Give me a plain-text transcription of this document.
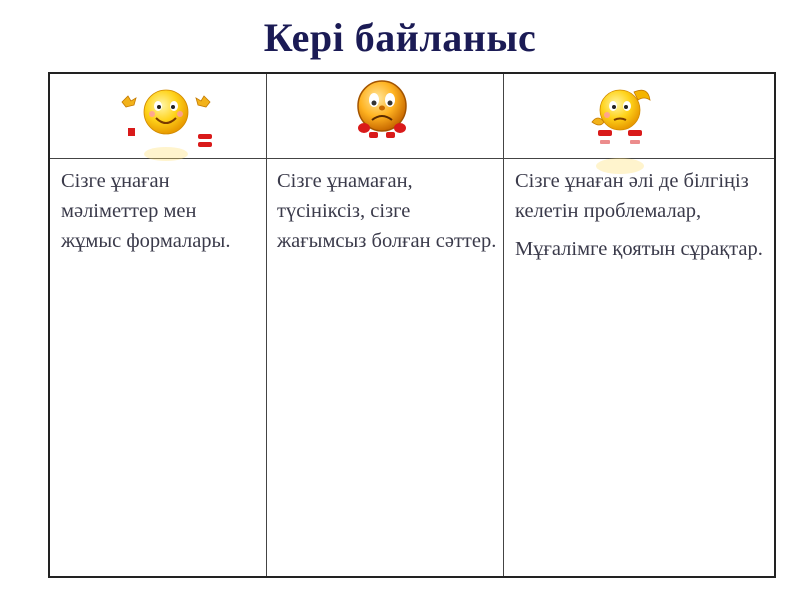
Кері байланыс

Сізге ұнаған мәліметтер мен жұмыс формалары.

Сізге ұнамаған, түсініксіз, сізге жағымсыз болған сәттер.

Сізге ұнаған әлі де білгіңіз келетін проблемалар,

Мұғалімге қоятын сұрақтар.
